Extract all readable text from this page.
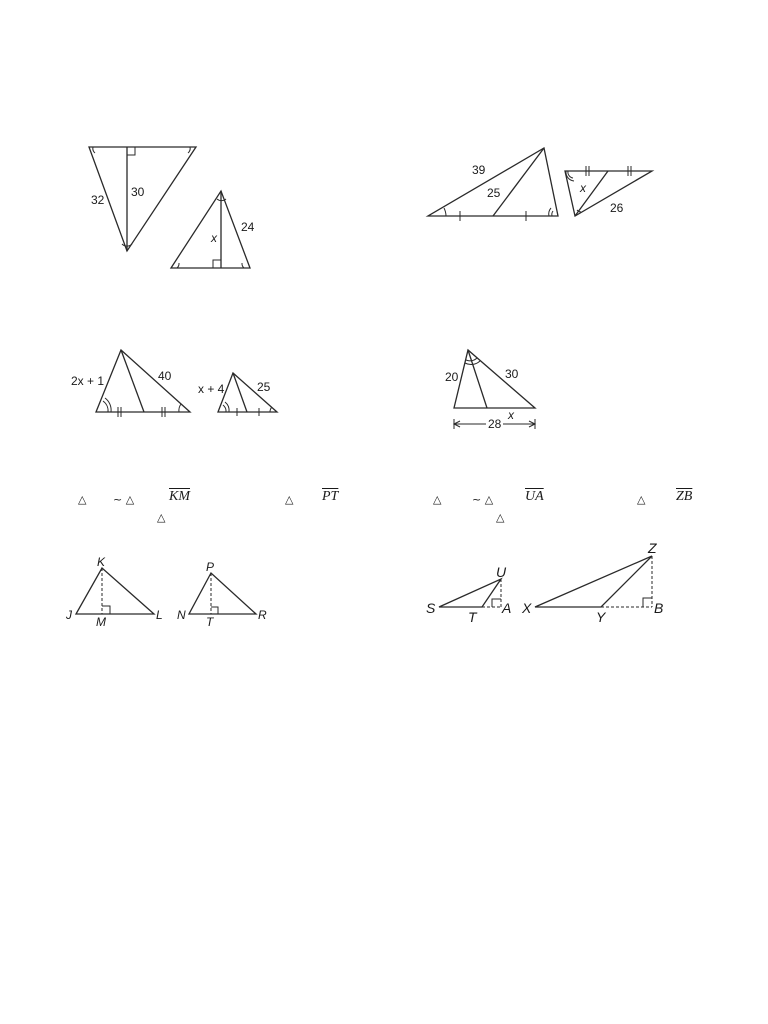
32
30
x
24
39
25	x
26
2x + 1	40
x + 4	25
20	30
x
28
△ ~ △ $\overline{KM}$	△ $\overline{PT}$
△
△	~ △ $\overline{UA}$	△ $\overline{ZB}$
△
K
J M	L
P
N T	R
U
S
T
A
Z
X
Y
B
